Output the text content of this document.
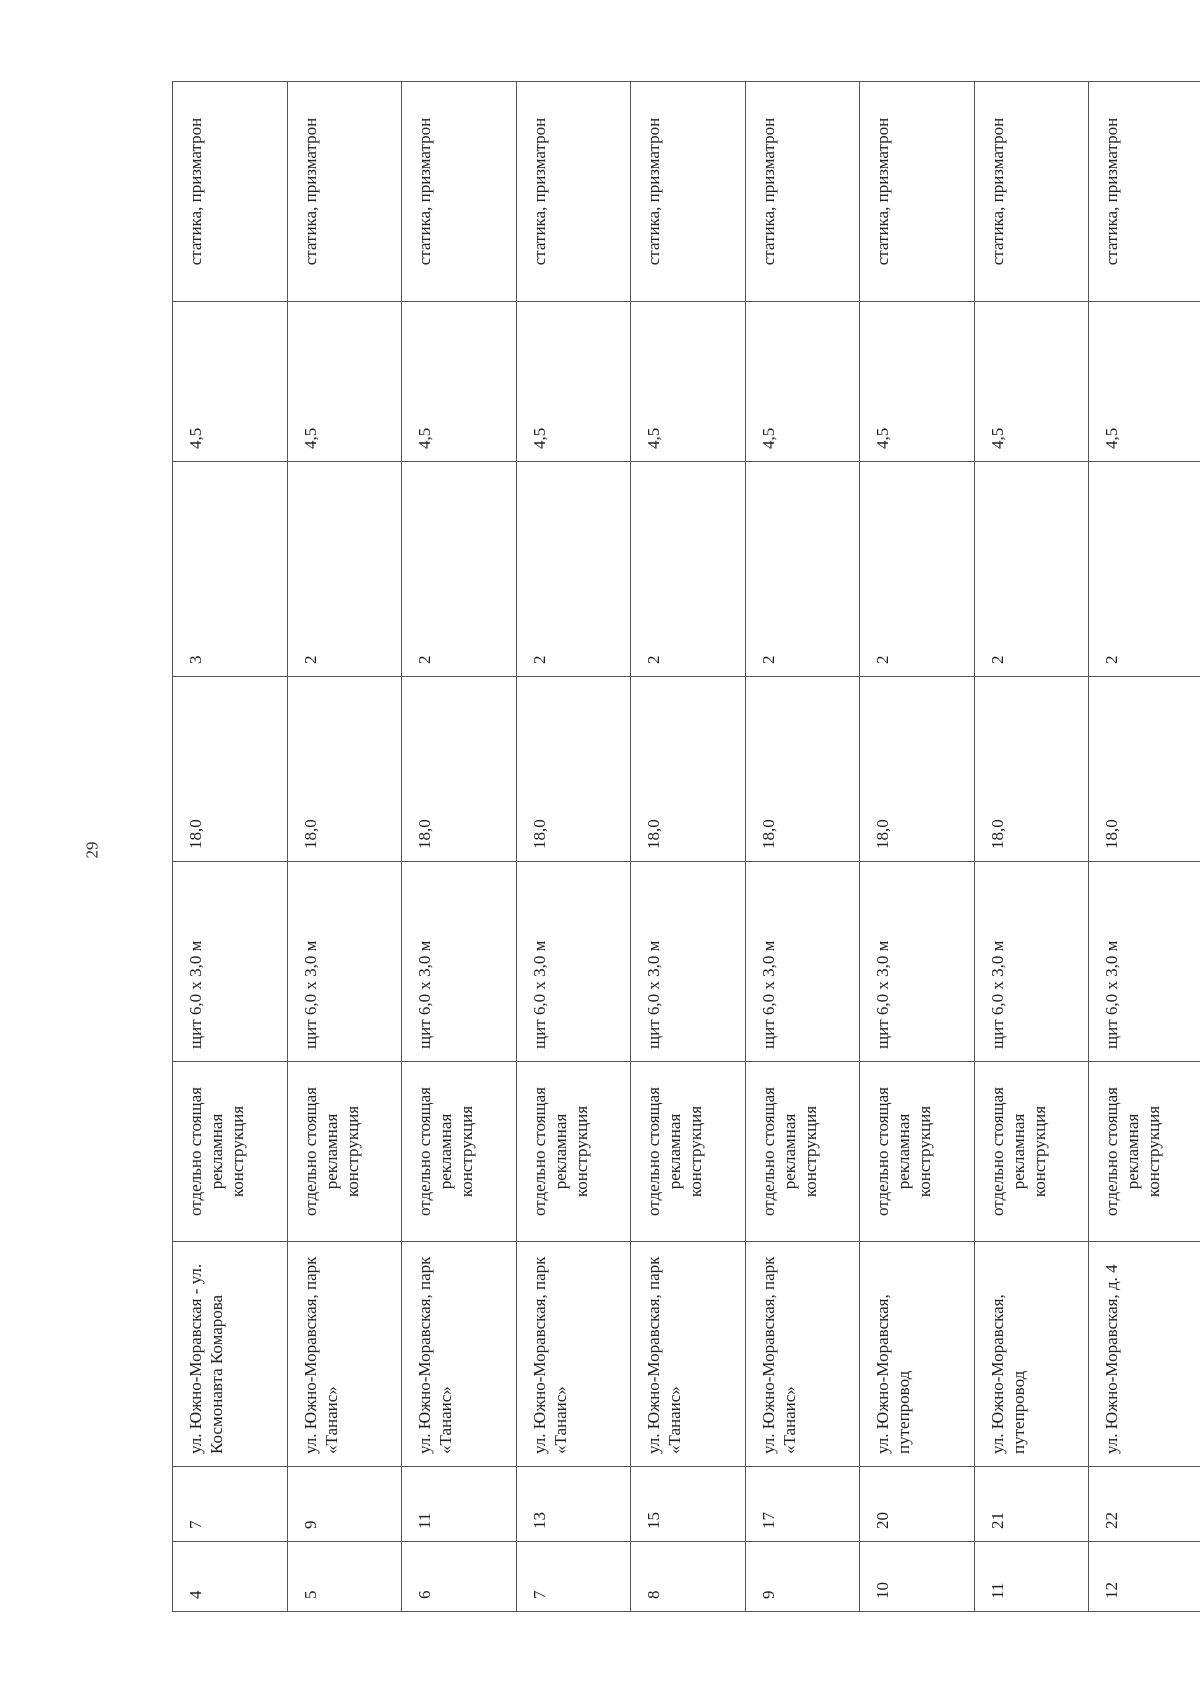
29
4	7	ул. Южно-Моравская - ул. Космонавта Комарова	отдельно стоящая рекламная конструкция	щит 6,0 х 3,0 м	18,0	3	4,5	статика, призматрон
5	9	ул. Южно-Моравская, парк «Танаис»	отдельно стоящая рекламная конструкция	щит 6,0 х 3,0 м	18,0	2	4,5	статика, призматрон
6	11	ул. Южно-Моравская, парк «Танаис»	отдельно стоящая рекламная конструкция	щит 6,0 х 3,0 м	18,0	2	4,5	статика, призматрон
7	13	ул. Южно-Моравская, парк «Танаис»	отдельно стоящая рекламная конструкция	щит 6,0 х 3,0 м	18,0	2	4,5	статика, призматрон
8	15	ул. Южно-Моравская, парк «Танаис»	отдельно стоящая рекламная конструкция	щит 6,0 х 3,0 м	18,0	2	4,5	статика, призматрон
9	17	ул. Южно-Моравская, парк «Танаис»	отдельно стоящая рекламная конструкция	щит 6,0 х 3,0 м	18,0	2	4,5	статика, призматрон
10	20	ул. Южно-Моравская, путепровод	отдельно стоящая рекламная конструкция	щит 6,0 х 3,0 м	18,0	2	4,5	статика, призматрон
11	21	ул. Южно-Моравская, путепровод	отдельно стоящая рекламная конструкция	щит 6,0 х 3,0 м	18,0	2	4,5	статика, призматрон
12	22	ул. Южно-Моравская, д. 4	отдельно стоящая рекламная конструкция	щит 6,0 х 3,0 м	18,0	2	4,5	статика, призматрон
